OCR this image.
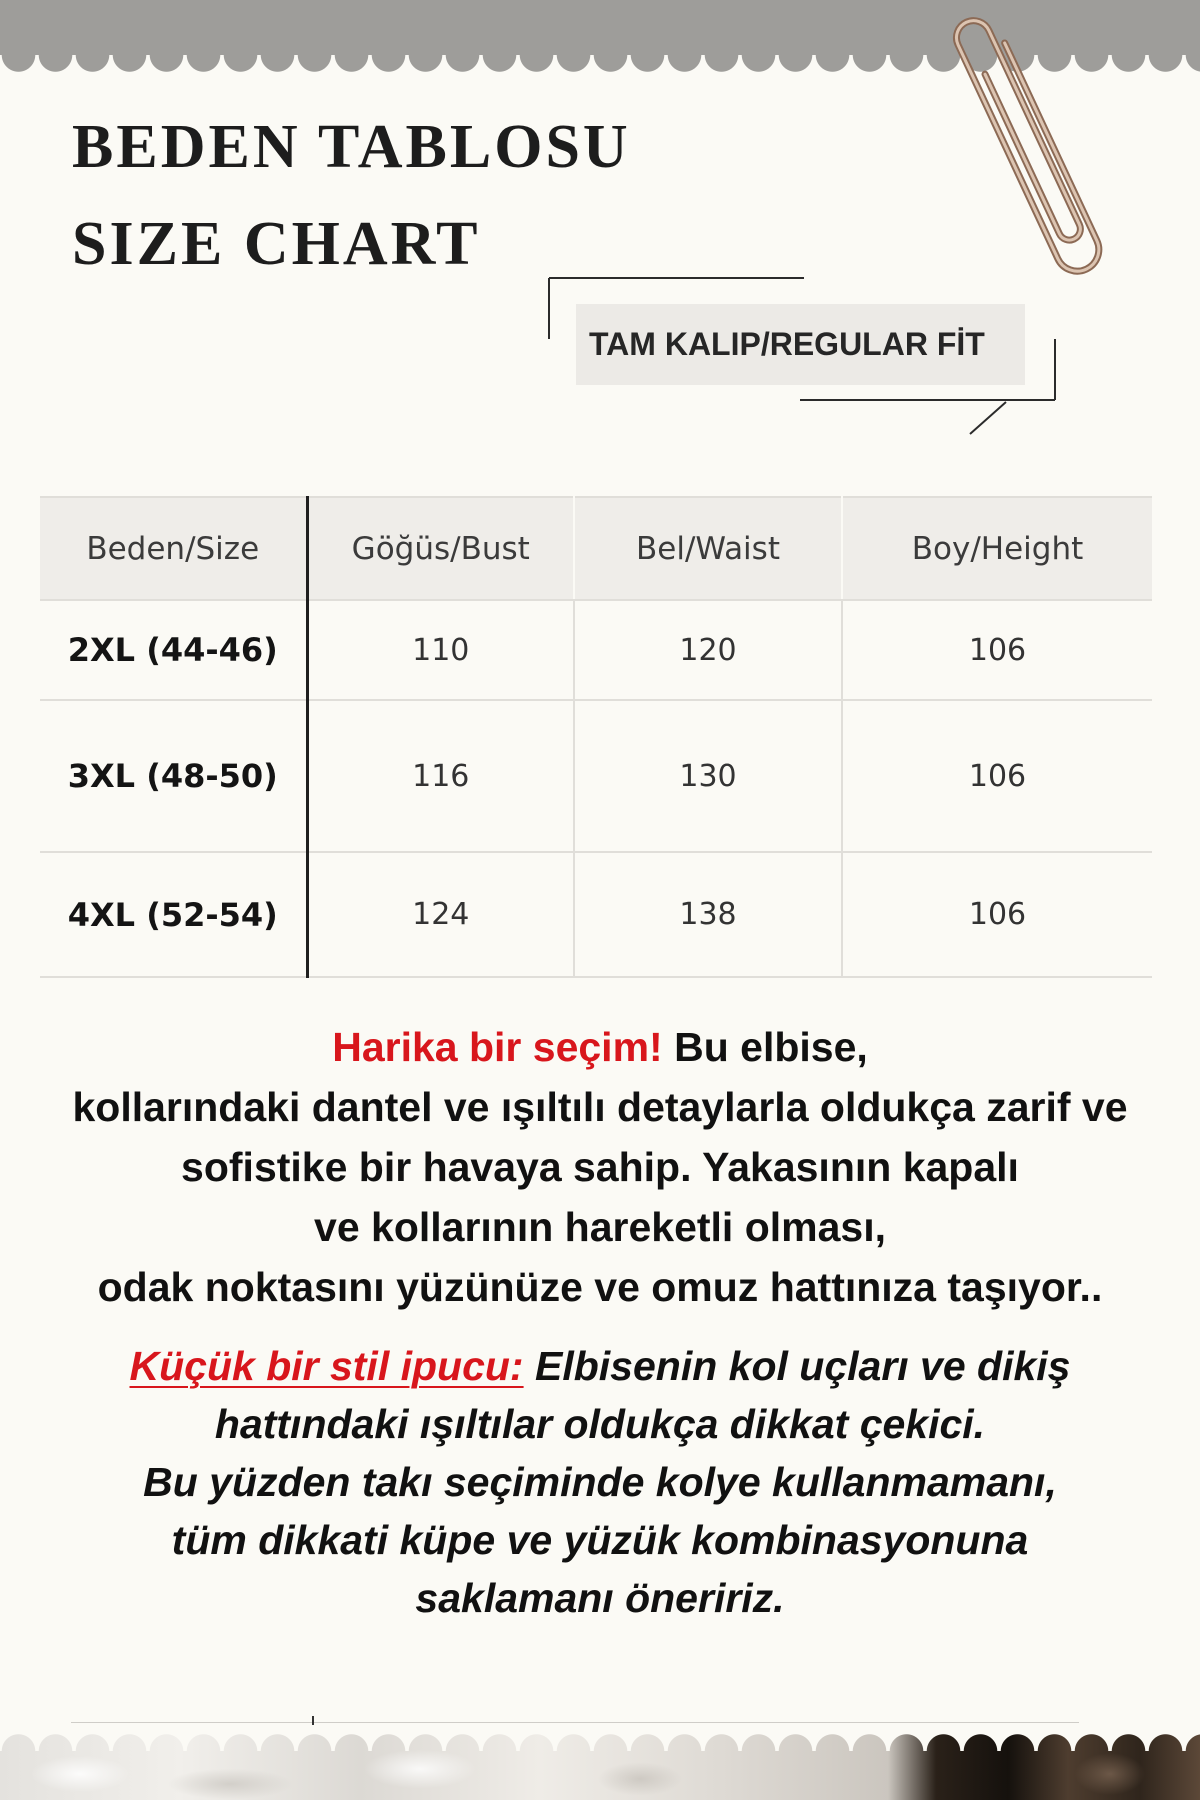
BEDEN TABLOSU
SIZE CHART
TAM KALIP/REGULAR FİT
Beden/Size	Göğüs/Bust	Bel/Waist	Boy/Height
2XL (44-46)	110	120	106
3XL (48-50)	116	130	106
4XL (52-54)	124	138	106
Harika bir seçim! Bu elbise,
kollarındaki dantel ve ışıltılı detaylarla oldukça zarif ve
sofistike bir havaya sahip. Yakasının kapalı
ve kollarının hareketli olması,
odak noktasını yüzünüze ve omuz hattınıza taşıyor..
Küçük bir stil ipucu: Elbisenin kol uçları ve dikiş
hattındaki ışıltılar oldukça dikkat çekici.
Bu yüzden takı seçiminde kolye kullanmamanı,
tüm dikkati küpe ve yüzük kombinasyonuna
saklamanı öneririz.
